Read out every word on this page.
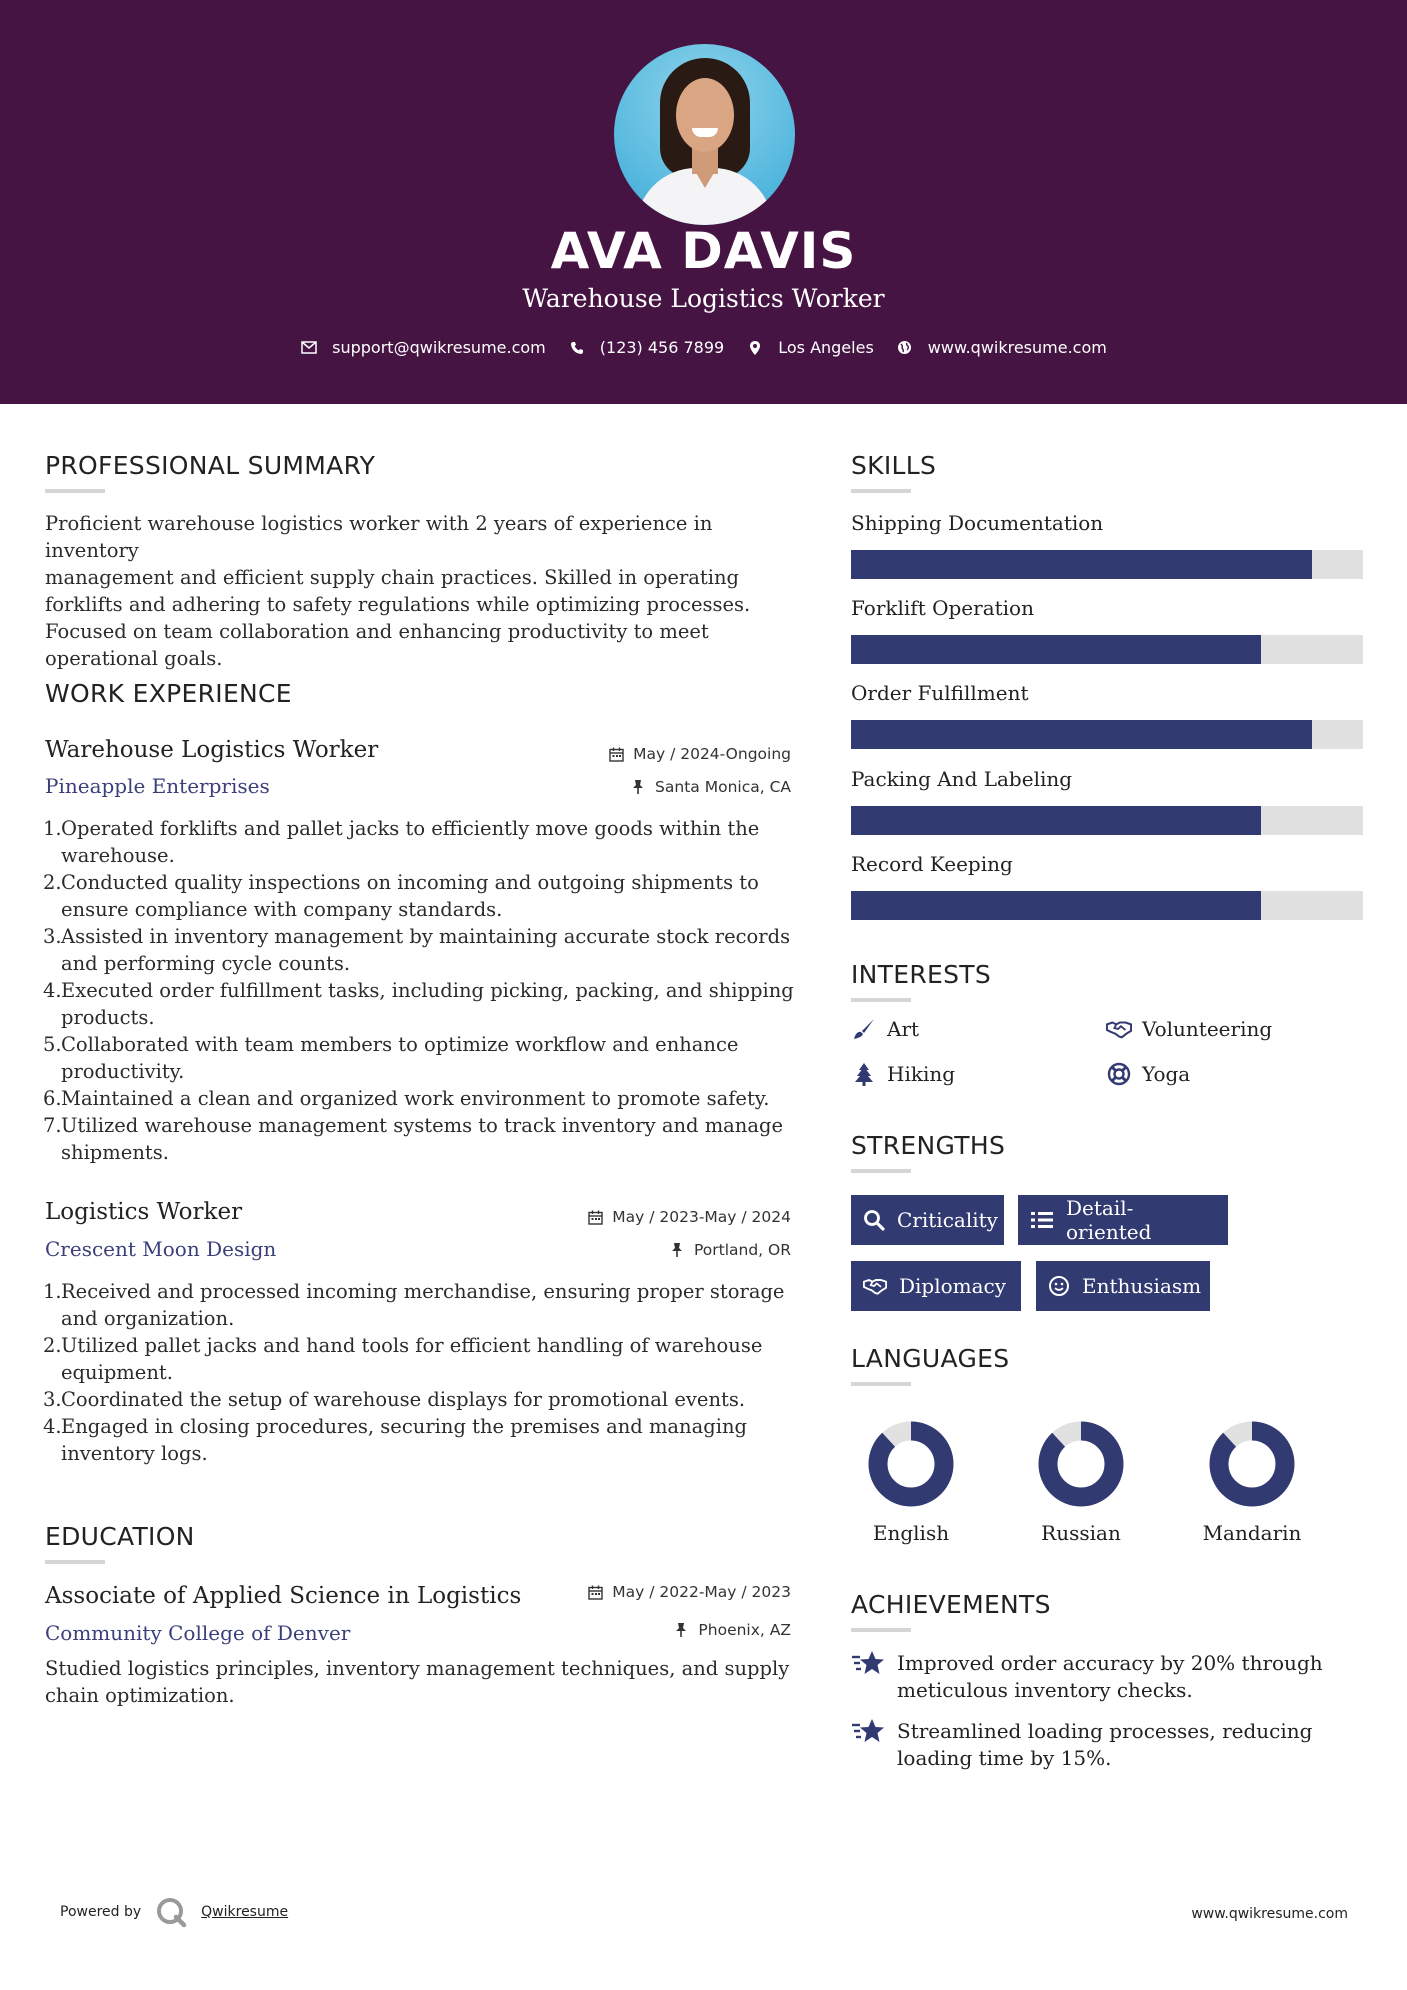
AVA DAVIS
Warehouse Logistics Worker
support@qwikresume.com	(123) 456 7899	Los Angeles	www.qwikresume.com
PROFESSIONAL SUMMARY
Proficient warehouse logistics worker with 2 years of experience in inventory
management and efficient supply chain practices. Skilled in operating
forklifts and adhering to safety regulations while optimizing processes.
Focused on team collaboration and enhancing productivity to meet
operational goals.
WORK EXPERIENCE
Warehouse Logistics Worker
Pineapple Enterprises
May / 2024-Ongoing
Santa Monica, CA
1. Operated forklifts and pallet jacks to efficiently move goods within the
warehouse.
2. Conducted quality inspections on incoming and outgoing shipments to
ensure compliance with company standards.
3. Assisted in inventory management by maintaining accurate stock records
and performing cycle counts.
4. Executed order fulfillment tasks, including picking, packing, and shipping
products.
5. Collaborated with team members to optimize workflow and enhance
productivity.
6. Maintained a clean and organized work environment to promote safety.
7. Utilized warehouse management systems to track inventory and manage
shipments.
Logistics Worker
Crescent Moon Design
May / 2023-May / 2024
Portland, OR
1. Received and processed incoming merchandise, ensuring proper storage
and organization.
2. Utilized pallet jacks and hand tools for efficient handling of warehouse
equipment.
3. Coordinated the setup of warehouse displays for promotional events.
4. Engaged in closing procedures, securing the premises and managing
inventory logs.
EDUCATION
Associate of Applied Science in Logistics
Community College of Denver
May / 2022-May / 2023
Phoenix, AZ
Studied logistics principles, inventory management techniques, and supply
chain optimization.
SKILLS
Shipping Documentation
Forklift Operation
Order Fulfillment
Packing And Labeling
Record Keeping
INTERESTS
Art	Volunteering
Hiking	Yoga
STRENGTHS
Criticality	Detail-oriented
Diplomacy	Enthusiasm
LANGUAGES
English	Russian	Mandarin
ACHIEVEMENTS
Improved order accuracy by 20% through
meticulous inventory checks.
Streamlined loading processes, reducing
loading time by 15%.
Powered by	Qwikresume	www.qwikresume.com
